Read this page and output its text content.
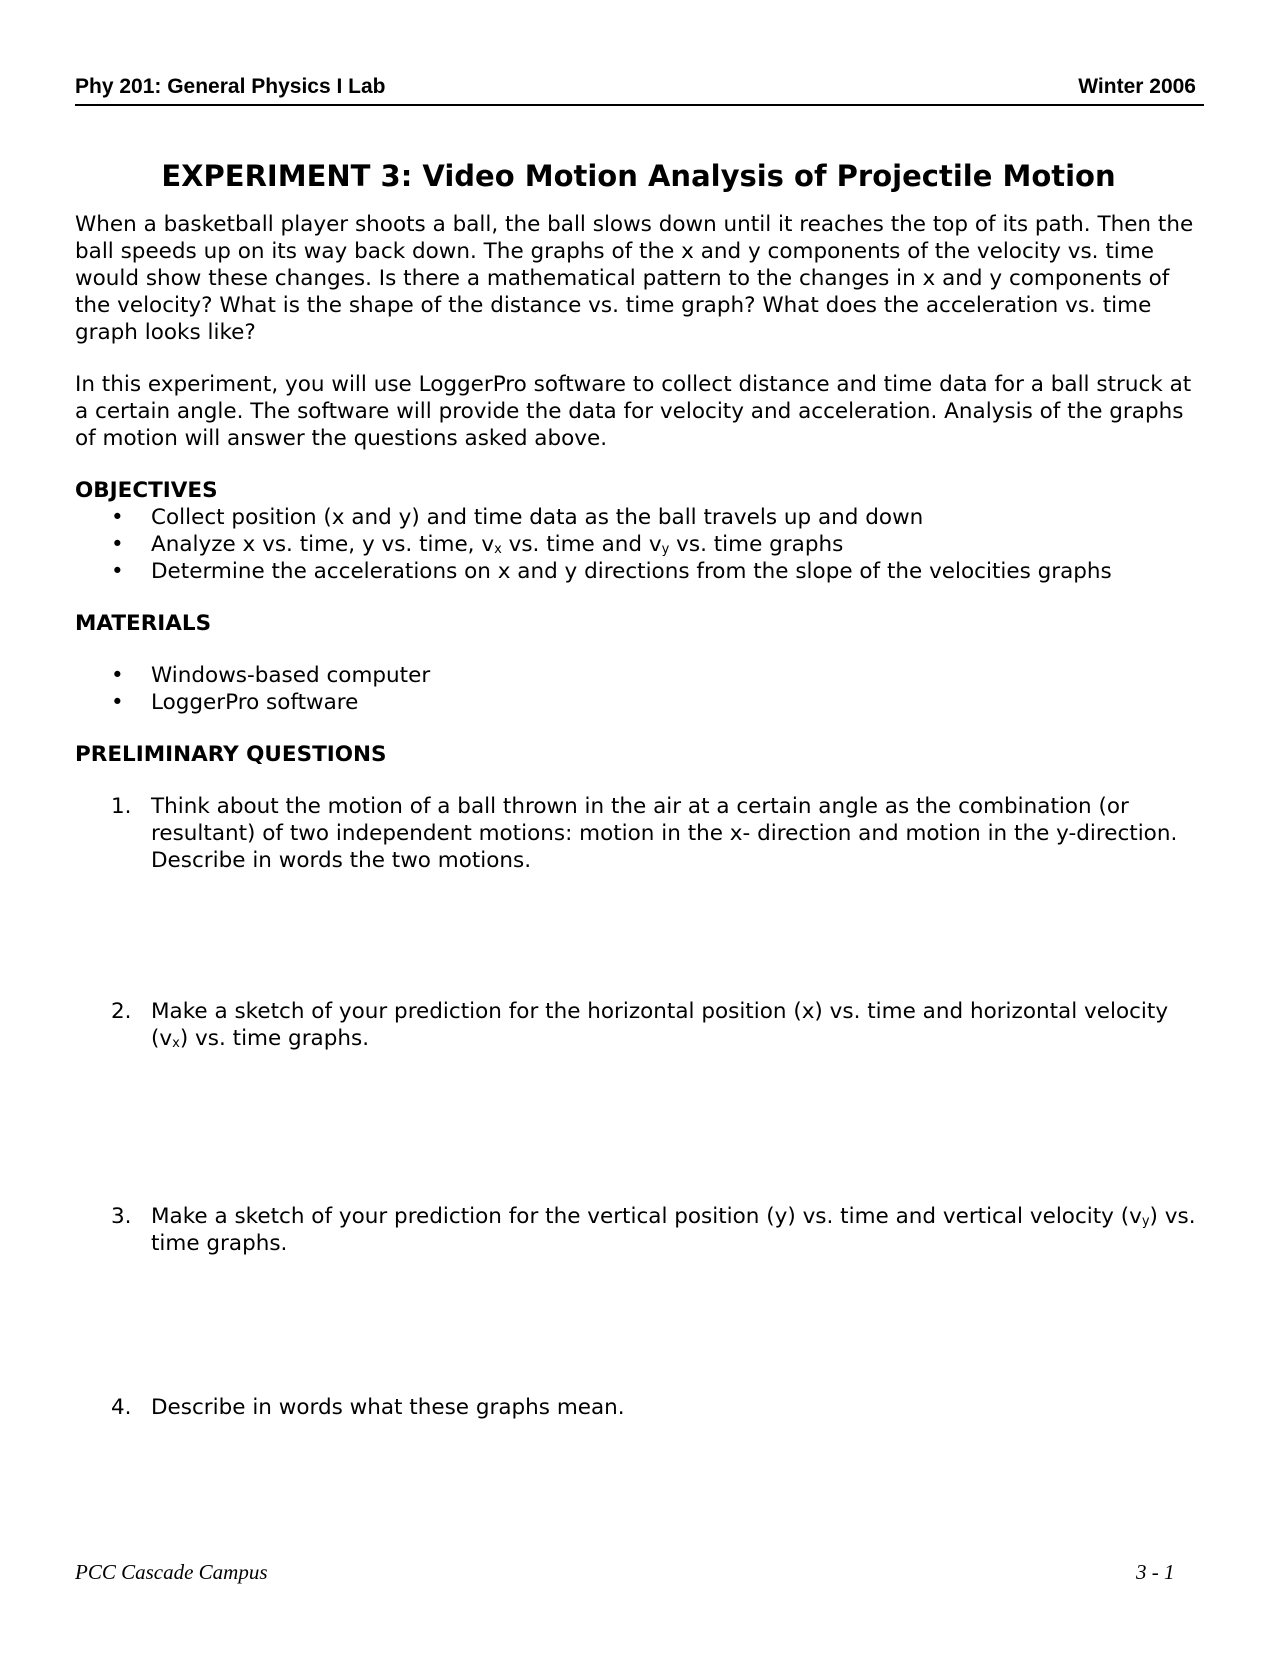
Phy 201: General Physics I Lab	Winter 2006
EXPERIMENT 3: Video Motion Analysis of Projectile Motion

When a basketball player shoots a ball, the ball slows down until it reaches the top of its path. Then the ball speeds up on its way back down. The graphs of the x and y components of the velocity vs. time would show these changes. Is there a mathematical pattern to the changes in x and y components of the velocity? What is the shape of the distance vs. time graph? What does the acceleration vs. time graph looks like?

In this experiment, you will use LoggerPro software to collect distance and time data for a ball struck at a certain angle. The software will provide the data for velocity and acceleration. Analysis of the graphs of motion will answer the questions asked above.

OBJECTIVES
• Collect position (x and y) and time data as the ball travels up and down
• Analyze x vs. time, y vs. time, $v_x$ vs. time and $v_y$ vs. time graphs
• Determine the accelerations on x and y directions from the slope of the velocities graphs
MATERIALS
• Windows-based computer
• LoggerPro software
PRELIMINARY QUESTIONS
1. Think about the motion of a ball thrown in the air at a certain angle as the combination (or resultant) of two independent motions: motion in the x- direction and motion in the y-direction. Describe in words the two motions.
2. Make a sketch of your prediction for the horizontal position (x) vs. time and horizontal velocity $(v_x)$ vs. time graphs.
3. Make a sketch of your prediction for the vertical position (y) vs. time and vertical velocity $(v_y)$ vs. time graphs.
4. Describe in words what these graphs mean.
PCC Cascade Campus	3 - 1
